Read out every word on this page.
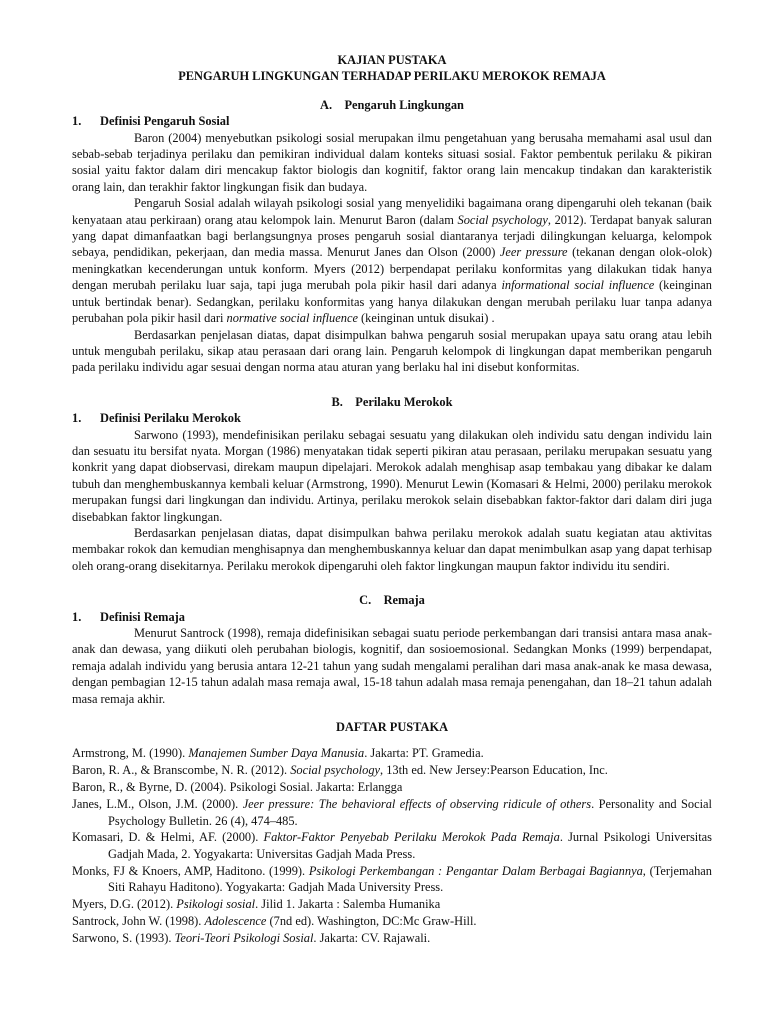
KAJIAN PUSTAKA
PENGARUH LINGKUNGAN TERHADAP PERILAKU MEROKOK REMAJA
A. Pengaruh Lingkungan
1.	Definisi Pengaruh Sosial

Baron (2004) menyebutkan psikologi sosial merupakan ilmu pengetahuan yang berusaha memahami asal usul dan sebab-sebab terjadinya perilaku dan pemikiran individual dalam konteks situasi sosial. Faktor pembentuk perilaku & pikiran sosial yaitu faktor dalam diri mencakup faktor biologis dan kognitif, faktor orang lain mencakup tindakan dan karakteristik orang lain, dan terakhir faktor lingkungan fisik dan budaya.

Pengaruh Sosial adalah wilayah psikologi sosial yang menyelidiki bagaimana orang dipengaruhi oleh tekanan (baik kenyataan atau perkiraan) orang atau kelompok lain. Menurut Baron (dalam Social psychology, 2012). Terdapat banyak saluran yang dapat dimanfaatkan bagi berlangsungnya proses pengaruh sosial diantaranya terjadi dilingkungan keluarga, kelompok sebaya, pendidikan, pekerjaan, dan media massa. Menurut Janes dan Olson (2000) Jeer pressure (tekanan dengan olok-olok) meningkatkan kecenderungan untuk konform. Myers (2012) berpendapat perilaku konformitas yang dilakukan tidak hanya dengan merubah perilaku luar saja, tapi juga merubah pola pikir hasil dari adanya informational social influence (keinginan untuk bertindak benar). Sedangkan, perilaku konformitas yang hanya dilakukan dengan merubah perilaku luar tanpa adanya perubahan pola pikir hasil dari normative social influence (keinginan untuk disukai) .

Berdasarkan penjelasan diatas, dapat disimpulkan bahwa pengaruh sosial merupakan upaya satu orang atau lebih untuk mengubah perilaku, sikap atau perasaan dari orang lain. Pengaruh kelompok di lingkungan dapat memberikan pengaruh pada perilaku individu agar sesuai dengan norma atau aturan yang berlaku hal ini disebut konformitas.

B. Perilaku Merokok
1.	Definisi Perilaku Merokok

Sarwono (1993), mendefinisikan perilaku sebagai sesuatu yang dilakukan oleh individu satu dengan individu lain dan sesuatu itu bersifat nyata. Morgan (1986) menyatakan tidak seperti pikiran atau perasaan, perilaku merupakan sesuatu yang konkrit yang dapat diobservasi, direkam maupun dipelajari. Merokok adalah menghisap asap tembakau yang dibakar ke dalam tubuh dan menghembuskannya kembali keluar (Armstrong, 1990). Menurut Lewin (Komasari & Helmi, 2000) perilaku merokok merupakan fungsi dari lingkungan dan individu. Artinya, perilaku merokok selain disebabkan faktor-faktor dari dalam diri juga disebabkan faktor lingkungan.

Berdasarkan penjelasan diatas, dapat disimpulkan bahwa perilaku merokok adalah suatu kegiatan atau aktivitas membakar rokok dan kemudian menghisapnya dan menghembuskannya keluar dan dapat menimbulkan asap yang dapat terhisap oleh orang-orang disekitarnya. Perilaku merokok dipengaruhi oleh faktor lingkungan maupun faktor individu itu sendiri.

C. Remaja
1.	Definisi Remaja

Menurut Santrock (1998), remaja didefinisikan sebagai suatu periode perkembangan dari transisi antara masa anak-anak dan dewasa, yang diikuti oleh perubahan biologis, kognitif, dan sosioemosional. Sedangkan Monks (1999) berpendapat, remaja adalah individu yang berusia antara 12-21 tahun yang sudah mengalami peralihan dari masa anak-anak ke masa dewasa, dengan pembagian 12-15 tahun adalah masa remaja awal, 15-18 tahun adalah masa remaja penengahan, dan 18–21 tahun adalah masa remaja akhir.

DAFTAR PUSTAKA
Armstrong, M. (1990). Manajemen Sumber Daya Manusia. Jakarta: PT. Gramedia.
Baron, R. A., & Branscombe, N. R. (2012). Social psychology, 13th ed. New Jersey:Pearson Education, Inc.
Baron, R., & Byrne, D. (2004). Psikologi Sosial. Jakarta: Erlangga
Janes, L.M., Olson, J.M. (2000). Jeer pressure: The behavioral effects of observing ridicule of others. Personality and Social Psychology Bulletin. 26 (4), 474–485.
Komasari, D. & Helmi, AF. (2000). Faktor-Faktor Penyebab Perilaku Merokok Pada Remaja. Jurnal Psikologi Universitas Gadjah Mada, 2. Yogyakarta: Universitas Gadjah Mada Press.
Monks, FJ & Knoers, AMP, Haditono. (1999). Psikologi Perkembangan : Pengantar Dalam Berbagai Bagiannya, (Terjemahan Siti Rahayu Haditono). Yogyakarta: Gadjah Mada University Press.
Myers, D.G. (2012). Psikologi sosial. Jilid 1. Jakarta : Salemba Humanika
Santrock, John W. (1998). Adolescence (7nd ed). Washington, DC:Mc Graw-Hill.
Sarwono, S. (1993). Teori-Teori Psikologi Sosial. Jakarta: CV. Rajawali.
